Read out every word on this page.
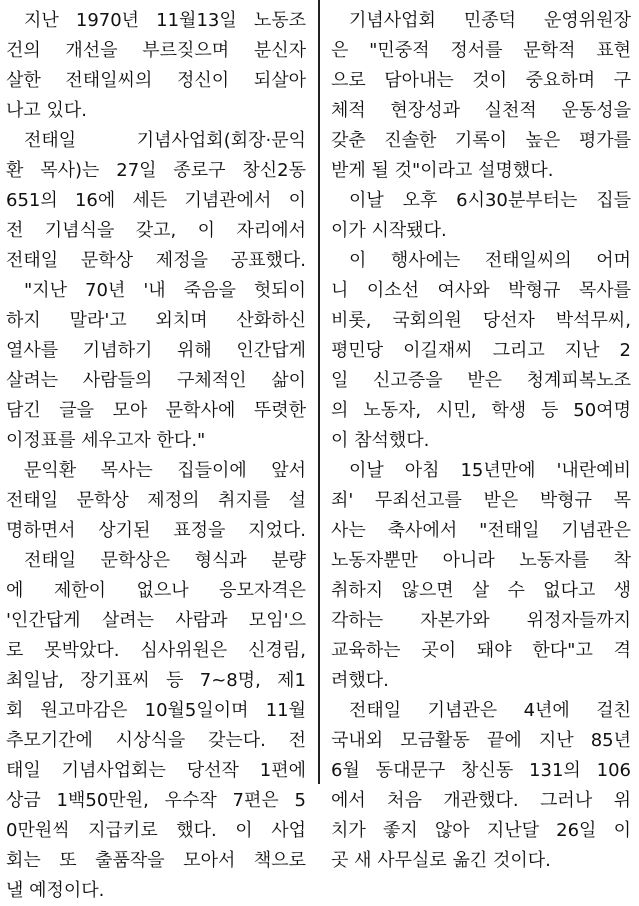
지난 1970년 11월13일 노동조
건의 개선을 부르짖으며 분신자
살한 전태일씨의 정신이 되살아
나고 있다.
전태일 기념사업회(회장·문익
환 목사)는 27일 종로구 창신2동
651의 16에 세든 기념관에서 이
전 기념식을 갖고, 이 자리에서
전태일 문학상 제정을 공표했다.
"지난 70년 '내 죽음을 헛되이
하지 말라'고 외치며 산화하신
열사를 기념하기 위해 인간답게
살려는 사람들의 구체적인 삶이
담긴 글을 모아 문학사에 뚜렷한
이정표를 세우고자 한다."
문익환 목사는 집들이에 앞서
전태일 문학상 제정의 취지를 설
명하면서 상기된 표정을 지었다.
전태일 문학상은 형식과 분량
에 제한이 없으나 응모자격은
'인간답게 살려는 사람과 모임'으
로 못박았다. 심사위원은 신경림,
최일남, 장기표씨 등 7~8명, 제1
회 원고마감은 10월5일이며 11월
추모기간에 시상식을 갖는다. 전
태일 기념사업회는 당선작 1편에
상금 1백50만원, 우수작 7편은 5
0만원씩 지급키로 했다. 이 사업
회는 또 출품작을 모아서 책으로
낼 예정이다.
기념사업회 민종덕 운영위원장
은 "민중적 정서를 문학적 표현
으로 담아내는 것이 중요하며 구
체적 현장성과 실천적 운동성을
갖춘 진솔한 기록이 높은 평가를
받게 될 것"이라고 설명했다.
이날 오후 6시30분부터는 집들
이가 시작됐다.
이 행사에는 전태일씨의 어머
니 이소선 여사와 박형규 목사를
비롯, 국회의원 당선자 박석무씨,
평민당 이길재씨 그리고 지난 2
일 신고증을 받은 청계피복노조
의 노동자, 시민, 학생 등 50여명
이 참석했다.
이날 아침 15년만에 '내란예비
죄' 무죄선고를 받은 박형규 목
사는 축사에서 "전태일 기념관은
노동자뿐만 아니라 노동자를 착
취하지 않으면 살 수 없다고 생
각하는 자본가와 위정자들까지
교육하는 곳이 돼야 한다"고 격
려했다.
전태일 기념관은 4년에 걸친
국내외 모금활동 끝에 지난 85년
6월 동대문구 창신동 131의 106
에서 처음 개관했다. 그러나 위
치가 좋지 않아 지난달 26일 이
곳 새 사무실로 옮긴 것이다.
